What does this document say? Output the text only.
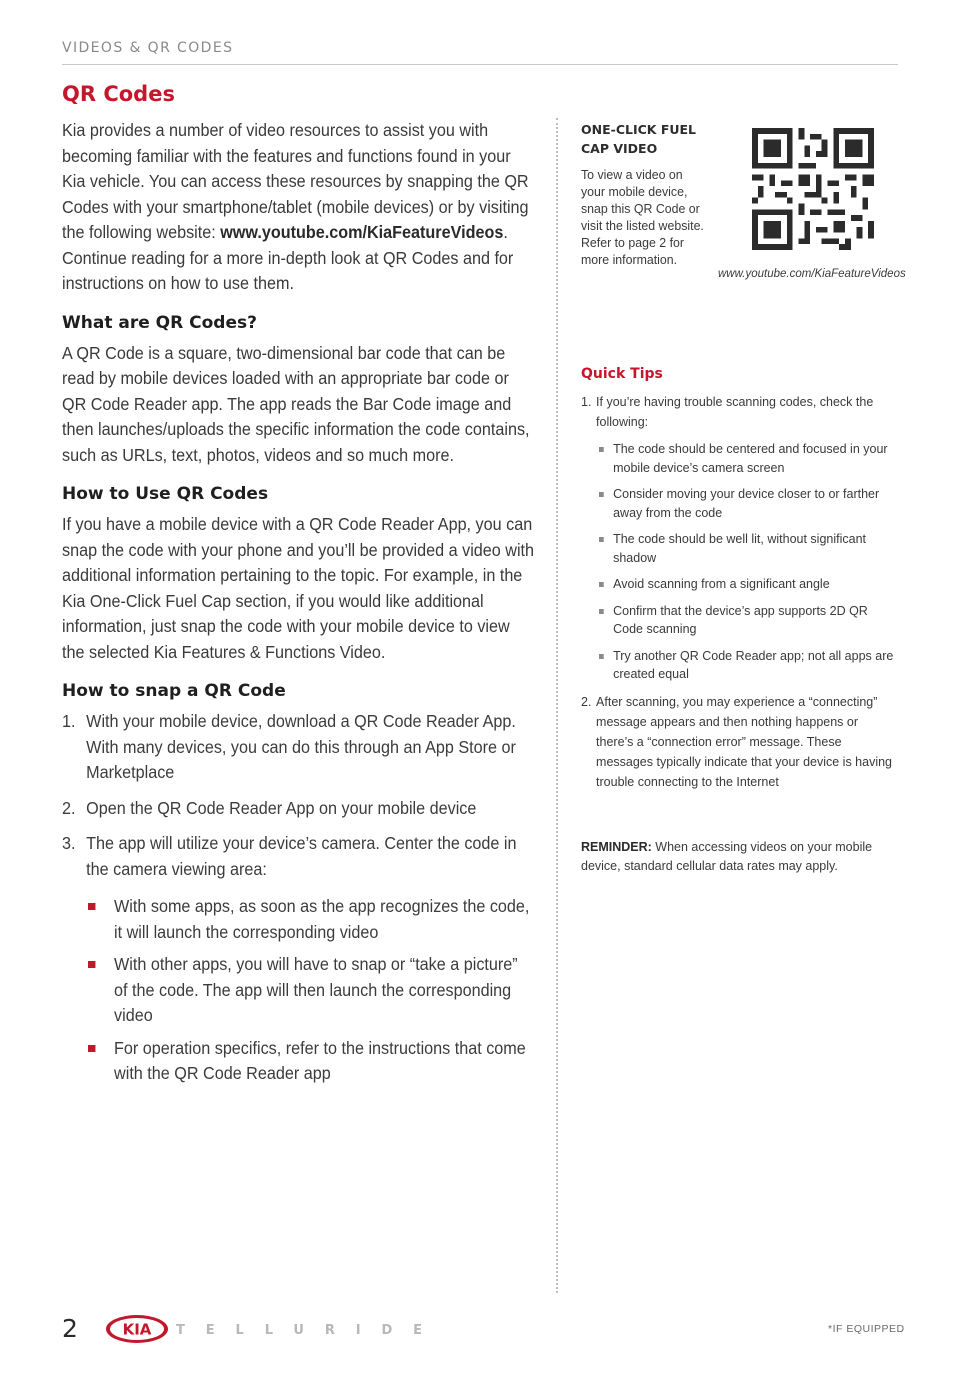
VIDEOS & QR CODES
QR Codes

Kia provides a number of video resources to assist you with becoming familiar with the features and functions found in your Kia vehicle. You can access these resources by snapping the QR Codes with your smartphone/tablet (mobile devices) or by visiting the following website: www.youtube.com/KiaFeatureVideos. Continue reading for a more in-depth look at QR Codes and for instructions on how to use them.

What are QR Codes?

A QR Code is a square, two-dimensional bar code that can be read by mobile devices loaded with an appropriate bar code or QR Code Reader app. The app reads the Bar Code image and then launches/uploads the specific information the code contains, such as URLs, text, photos, videos and so much more.

How to Use QR Codes

If you have a mobile device with a QR Code Reader App, you can snap the code with your phone and you’ll be provided a video with additional information pertaining to the topic. For example, in the Kia One-Click Fuel Cap section, if you would like additional information, just snap the code with your mobile device to view the selected Kia Features & Functions Video.

How to snap a QR Code
1. With your mobile device, download a QR Code Reader App. With many devices, you can do this through an App Store or Marketplace
2. Open the QR Code Reader App on your mobile device
3. The app will utilize your device’s camera. Center the code in the camera viewing area:
With some apps, as soon as the app recognizes the code, it will launch the corresponding video
With other apps, you will have to snap or “take a picture” of the code. The app will then launch the corresponding video
For operation specifics, refer to the instructions that come with the QR Code Reader app
ONE-CLICK FUEL CAP VIDEO
To view a video on your mobile device, snap this QR Code or visit the listed website. Refer to page 2 for more information.
www.youtube.com/KiaFeatureVideos
Quick Tips
1. If you’re having trouble scanning codes, check the following:
The code should be centered and focused in your mobile device’s camera screen
Consider moving your device closer to or farther away from the code
The code should be well lit, without significant shadow
Avoid scanning from a significant angle
Confirm that the device’s app supports 2D QR Code scanning
Try another QR Code Reader app; not all apps are created equal
2. After scanning, you may experience a “connecting” message appears and then nothing happens or there’s a “connection error” message. These messages typically indicate that your device is having trouble connecting to the Internet

REMINDER: When accessing videos on your mobile device, standard cellular data rates may apply.

2	KIA TELLURIDE	*IF EQUIPPED
